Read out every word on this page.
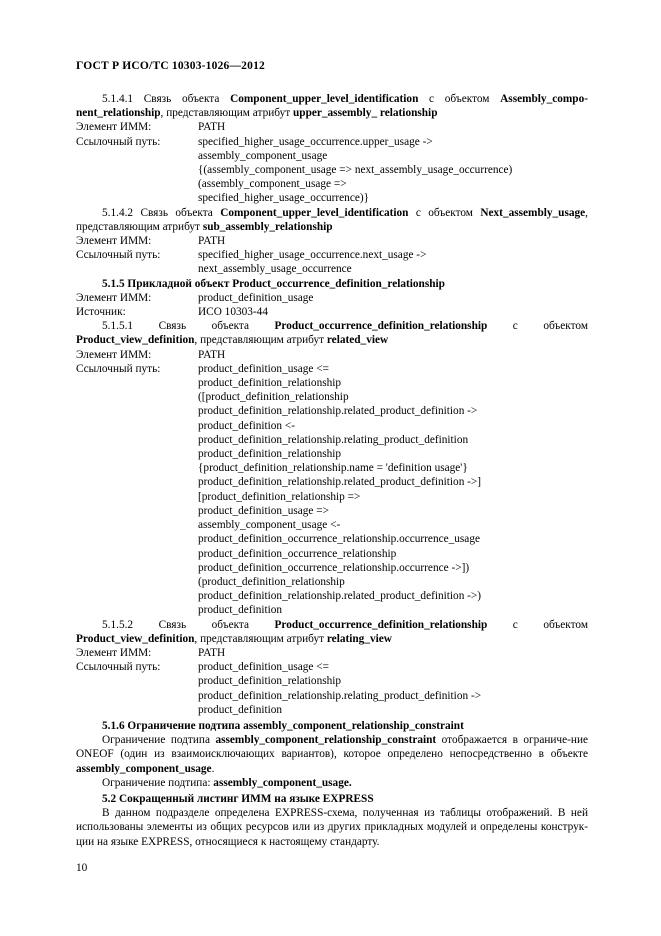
ГОСТ Р ИСО/ТС 10303-1026—2012
5.1.4.1 Связь объекта Component_upper_level_identification с объектом Assembly_compo-nent_relationship, представляющим атрибут upper_assembly_ relationship
Элемент ИММ:	PATH
Ссылочный путь:	specified_higher_usage_occurrence.upper_usage ->
assembly_component_usage
{(assembly_component_usage => next_assembly_usage_occurrence)
(assembly_component_usage =>
specified_higher_usage_occurrence)}
5.1.4.2 Связь объекта Component_upper_level_identification с объектом Next_assembly_usage, представляющим атрибут sub_assembly_relationship
Элемент ИММ:	PATH
Ссылочный путь:	specified_higher_usage_occurrence.next_usage ->
next_assembly_usage_occurrence
5.1.5 Прикладной объект Product_occurrence_definition_relationship
Элемент ИММ:	product_definition_usage
Источник:	ИСО 10303-44
5.1.5.1 Связь объекта Product_occurrence_definition_relationship с объектом Product_view_definition, представляющим атрибут related_view
Элемент ИММ:	PATH
Ссылочный путь:	product_definition_usage <=
product_definition_relationship
([product_definition_relationship
product_definition_relationship.related_product_definition ->
product_definition <-
product_definition_relationship.relating_product_definition
product_definition_relationship
{product_definition_relationship.name = 'definition usage'}
product_definition_relationship.related_product_definition ->]
[product_definition_relationship =>
product_definition_usage =>
assembly_component_usage <-
product_definition_occurrence_relationship.occurrence_usage
product_definition_occurrence_relationship
product_definition_occurrence_relationship.occurrence ->])
(product_definition_relationship
product_definition_relationship.related_product_definition ->)
product_definition
5.1.5.2 Связь объекта Product_occurrence_definition_relationship с объектом Product_view_definition, представляющим атрибут relating_view
Элемент ИММ:	PATH
Ссылочный путь:	product_definition_usage <=
product_definition_relationship
product_definition_relationship.relating_product_definition ->
product_definition
5.1.6 Ограничение подтипа assembly_component_relationship_constraint
Ограничение подтипа assembly_component_relationship_constraint отображается в ограниче-ние ONEOF (один из взаимоисключающих вариантов), которое определено непосредственно в объекте assembly_component_usage.
Ограничение подтипа: assembly_component_usage.
5.2 Сокращенный листинг ИММ на языке EXPRESS
В данном подразделе определена EXPRESS-схема, полученная из таблицы отображений. В ней использованы элементы из общих ресурсов или из других прикладных модулей и определены конструк-ции на языке EXPRESS, относящиеся к настоящему стандарту.
10
